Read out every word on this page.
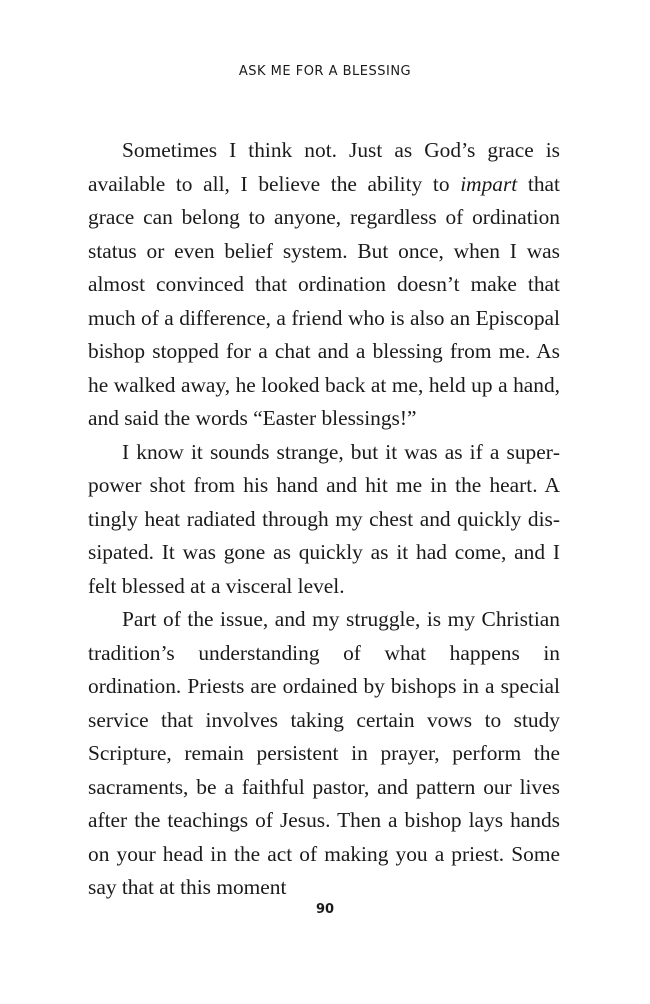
ASK ME FOR A BLESSING

Sometimes I think not. Just as God’s grace is available to all, I believe the ability to impart that grace can belong to anyone, regardless of ordination status or even belief system. But once, when I was almost convinced that ordination doesn’t make that much of a difference, a friend who is also an Episcopal bishop stopped for a chat and a blessing from me. As he walked away, he looked back at me, held up a hand, and said the words “Easter blessings!”

I know it sounds strange, but it was as if a superpower shot from his hand and hit me in the heart. A tingly heat radiated through my chest and quickly dissipated. It was gone as quickly as it had come, and I felt blessed at a visceral level.

Part of the issue, and my struggle, is my Christian tradition’s understanding of what happens in ordination. Priests are ordained by bishops in a special service that involves taking certain vows to study Scripture, remain persistent in prayer, perform the sacraments, be a faithful pastor, and pattern our lives after the teachings of Jesus. Then a bishop lays hands on your head in the act of making you a priest. Some say that at this moment

90
